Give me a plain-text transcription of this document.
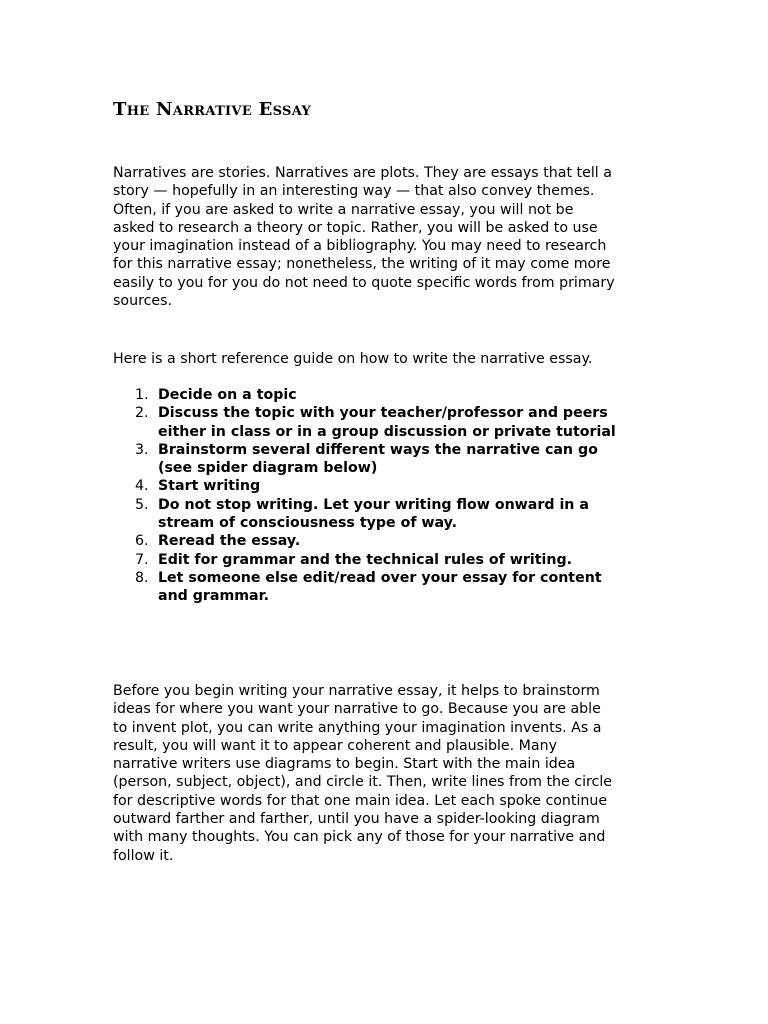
The Narrative Essay

Narratives are stories. Narratives are plots. They are essays that tell a
story — hopefully in an interesting way — that also convey themes.
Often, if you are asked to write a narrative essay, you will not be
asked to research a theory or topic. Rather, you will be asked to use
your imagination instead of a bibliography. You may need to research
for this narrative essay; nonetheless, the writing of it may come more
easily to you for you do not need to quote specific words from primary
sources.

Here is a short reference guide on how to write the narrative essay.

1. Decide on a topic
2. Discuss the topic with your teacher/professor and peers
either in class or in a group discussion or private tutorial
3. Brainstorm several different ways the narrative can go
(see spider diagram below)
4. Start writing
5. Do not stop writing. Let your writing flow onward in a
stream of consciousness type of way.
6. Reread the essay.
7. Edit for grammar and the technical rules of writing.
8. Let someone else edit/read over your essay for content
and grammar.

Before you begin writing your narrative essay, it helps to brainstorm
ideas for where you want your narrative to go. Because you are able
to invent plot, you can write anything your imagination invents. As a
result, you will want it to appear coherent and plausible. Many
narrative writers use diagrams to begin. Start with the main idea
(person, subject, object), and circle it. Then, write lines from the circle
for descriptive words for that one main idea. Let each spoke continue
outward farther and farther, until you have a spider-looking diagram
with many thoughts. You can pick any of those for your narrative and
follow it.
